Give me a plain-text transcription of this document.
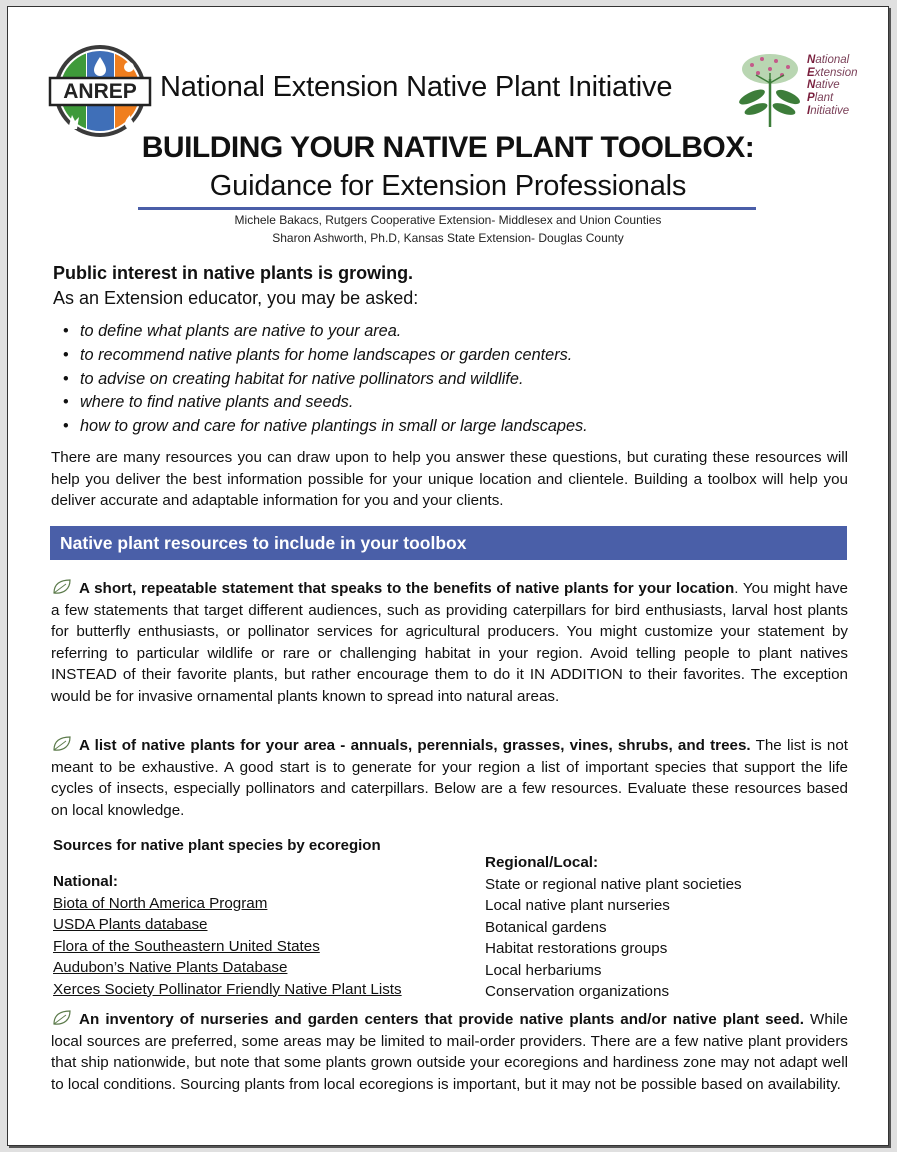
ANREP National Extension Native Plant Initiative
National
Extension
Native
Plant
Initiative
BUILDING YOUR NATIVE PLANT TOOLBOX:
Guidance for Extension Professionals
Michele Bakacs, Rutgers Cooperative Extension- Middlesex and Union Counties
Sharon Ashworth, Ph.D, Kansas State Extension- Douglas County
Public interest in native plants is growing.
As an Extension educator, you may be asked:
• to define what plants are native to your area.
• to recommend native plants for home landscapes or garden centers.
• to advise on creating habitat for native pollinators and wildlife.
• where to find native plants and seeds.
• how to grow and care for native plantings in small or large landscapes.
There are many resources you can draw upon to help you answer these questions, but curating these resources will help you deliver the best information possible for your unique location and clientele. Building a toolbox will help you deliver accurate and adaptable information for you and your clients.
Native plant resources to include in your toolbox
A short, repeatable statement that speaks to the benefits of native plants for your location. You might have a few statements that target different audiences, such as providing caterpillars for bird enthusiasts, larval host plants for butterfly enthusiasts, or pollinator services for agricultural producers. You might customize your statement by referring to particular wildlife or rare or challenging habitat in your region. Avoid telling people to plant natives INSTEAD of their favorite plants, but rather encourage them to do it IN ADDITION to their favorites. The exception would be for invasive ornamental plants known to spread into natural areas.
A list of native plants for your area - annuals, perennials, grasses, vines, shrubs, and trees. The list is not meant to be exhaustive. A good start is to generate for your region a list of important species that support the life cycles of insects, especially pollinators and caterpillars. Below are a few resources. Evaluate these resources based on local knowledge.
Sources for native plant species by ecoregion
National:
Biota of North America Program
USDA Plants database
Flora of the Southeastern United States
Audubon’s Native Plants Database
Xerces Society Pollinator Friendly Native Plant Lists
Regional/Local:
State or regional native plant societies
Local native plant nurseries
Botanical gardens
Habitat restorations groups
Local herbariums
Conservation organizations
An inventory of nurseries and garden centers that provide native plants and/or native plant seed. While local sources are preferred, some areas may be limited to mail-order providers. There are a few native plant providers that ship nationwide, but note that some plants grown outside your ecoregions and hardiness zone may not adapt well to local conditions. Sourcing plants from local ecoregions is important, but it may not be possible based on availability.
